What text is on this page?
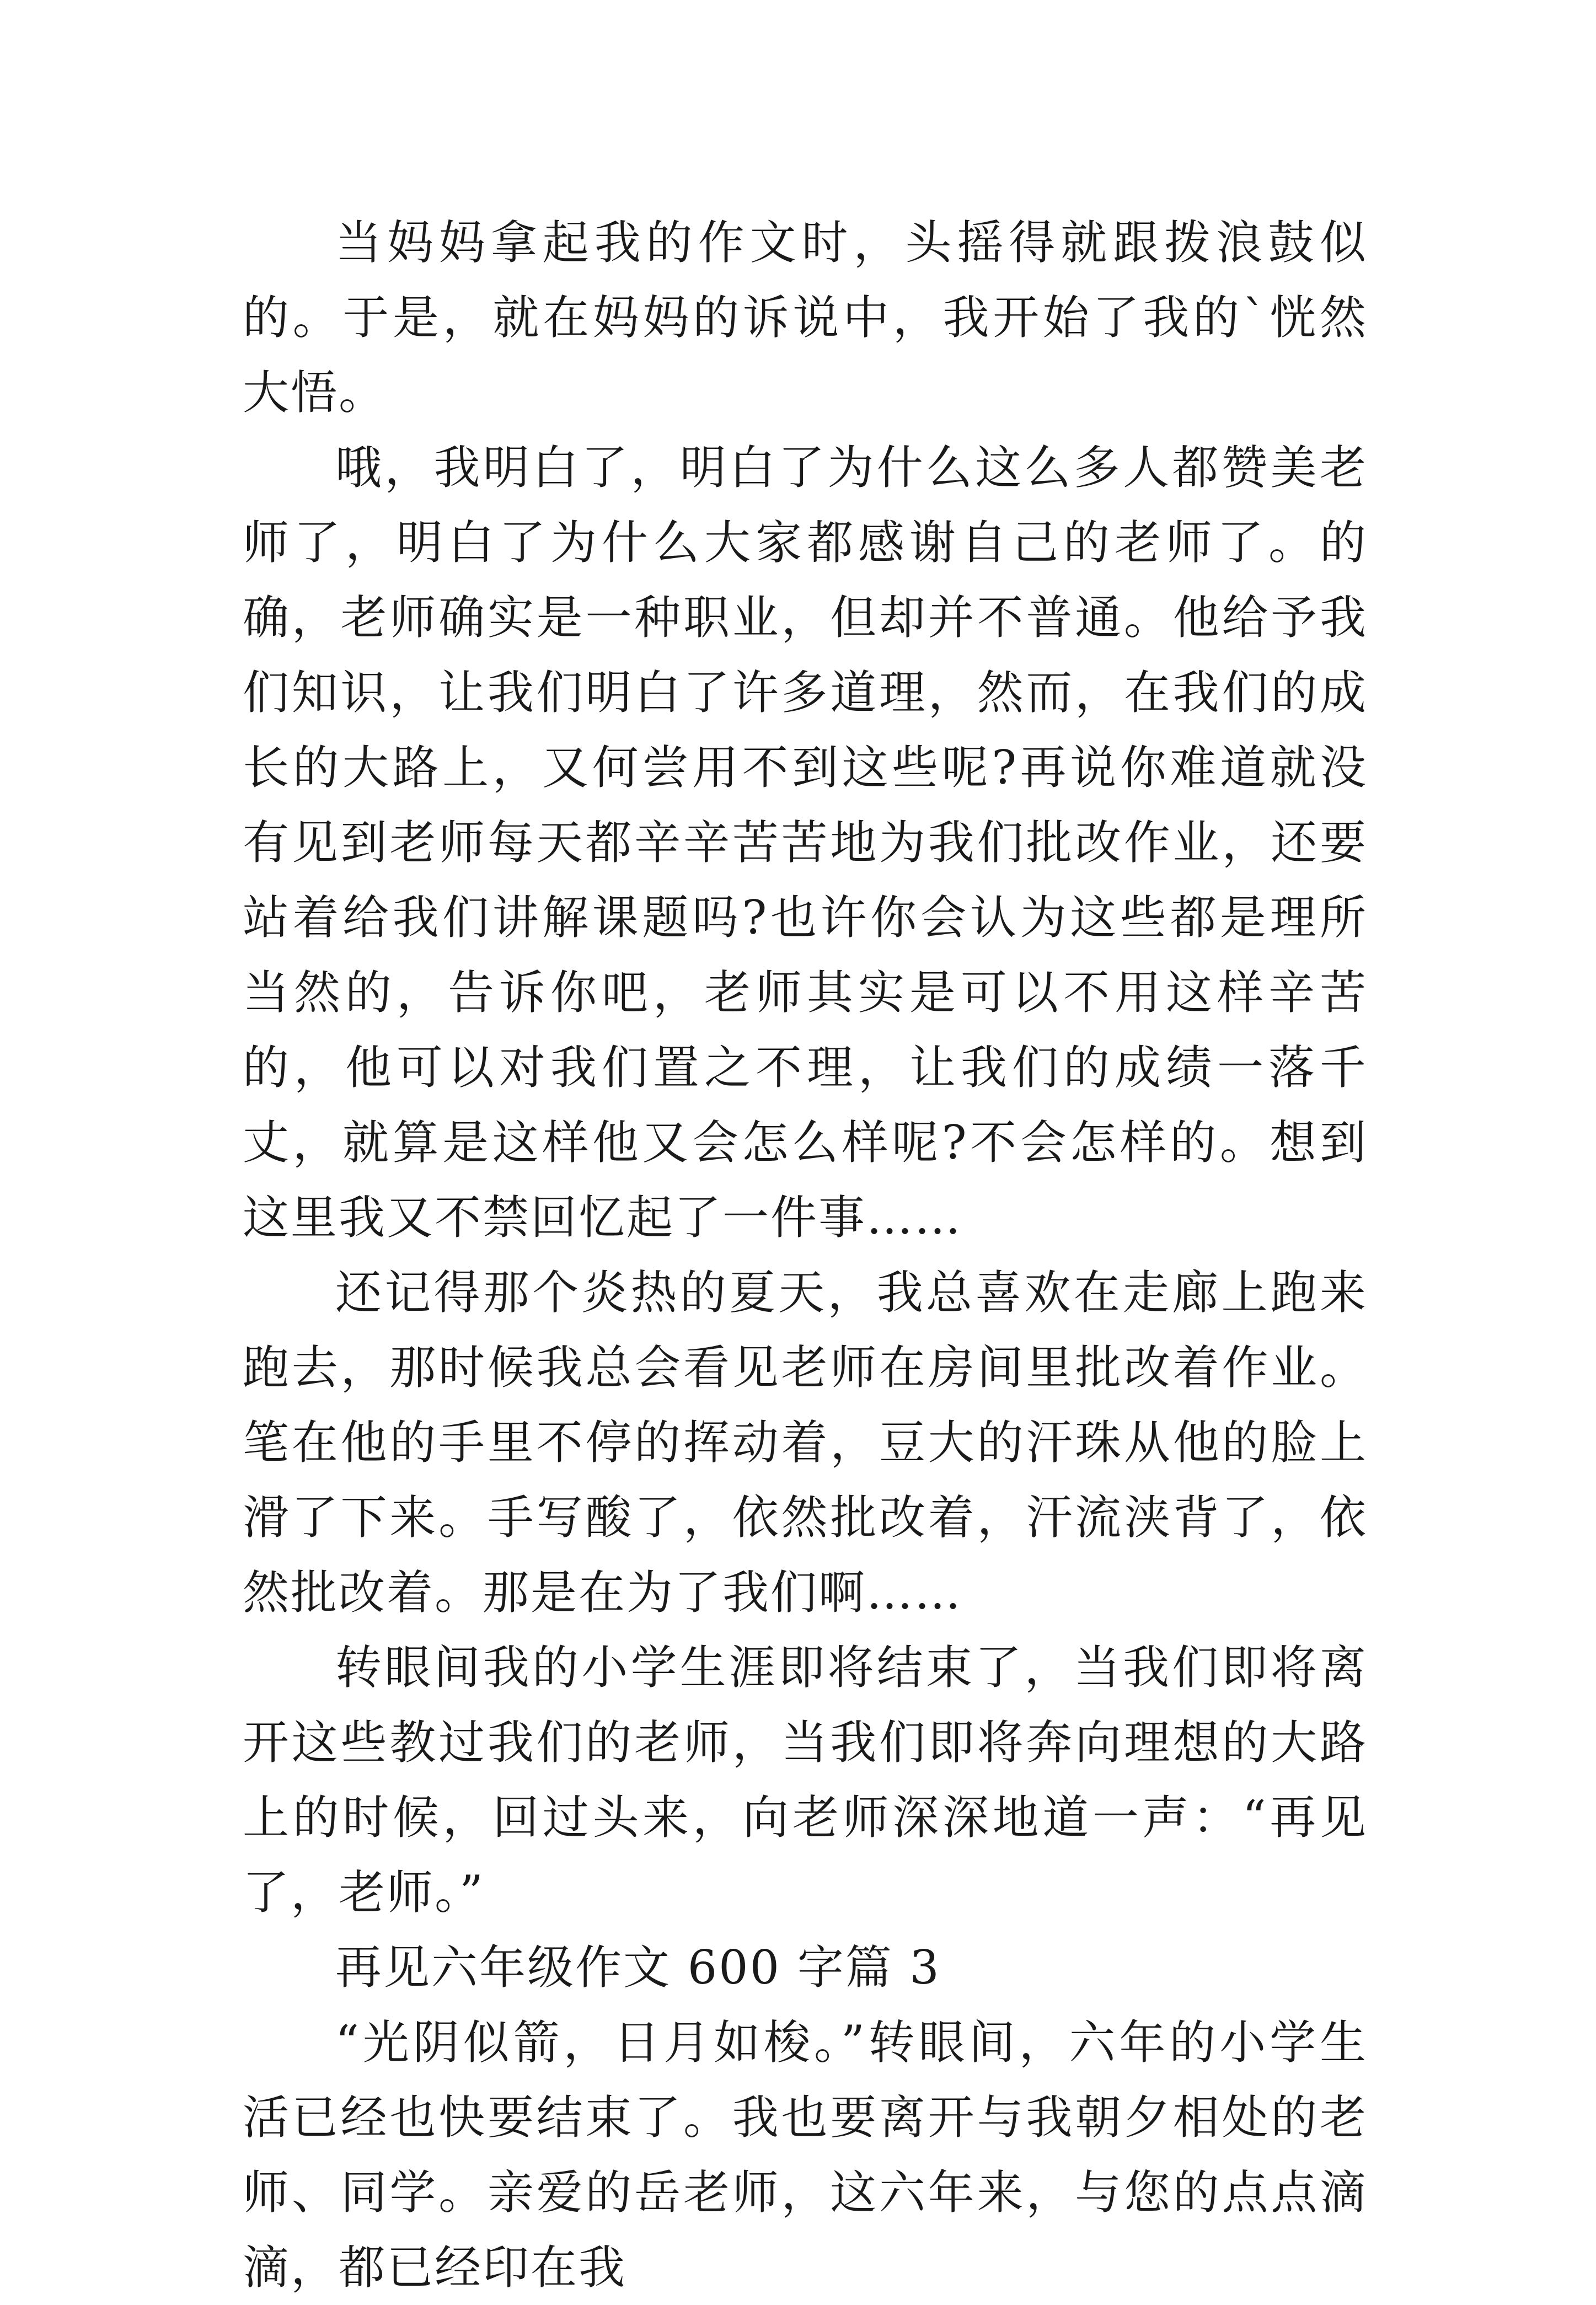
当妈妈拿起我的作文时，头摇得就跟拨浪鼓似的。于是，就在妈妈的诉说中，我开始了我的`恍然大悟。

哦，我明白了，明白了为什么这么多人都赞美老师了，明白了为什么大家都感谢自己的老师了。的确，老师确实是一种职业，但却并不普通。他给予我们知识，让我们明白了许多道理，然而，在我们的成长的大路上，又何尝用不到这些呢?再说你难道就没有见到老师每天都辛辛苦苦地为我们批改作业，还要站着给我们讲解课题吗?也许你会认为这些都是理所当然的，告诉你吧，老师其实是可以不用这样辛苦的，他可以对我们置之不理，让我们的成绩一落千丈，就算是这样他又会怎么样呢?不会怎样的。想到这里我又不禁回忆起了一件事……

还记得那个炎热的夏天，我总喜欢在走廊上跑来跑去，那时候我总会看见老师在房间里批改着作业。笔在他的手里不停的挥动着，豆大的汗珠从他的脸上滑了下来。手写酸了，依然批改着，汗流浃背了，依然批改着。那是在为了我们啊……

转眼间我的小学生涯即将结束了，当我们即将离开这些教过我们的老师，当我们即将奔向理想的大路上的时候，回过头来，向老师深深地道一声：“再见了，老师。”

再见六年级作文 600 字篇 3

“光阴似箭，日月如梭。”转眼间，六年的小学生活已经也快要结束了。我也要离开与我朝夕相处的老师、同学。亲爱的岳老师，这六年来，与您的点点滴滴，都已经印在我
